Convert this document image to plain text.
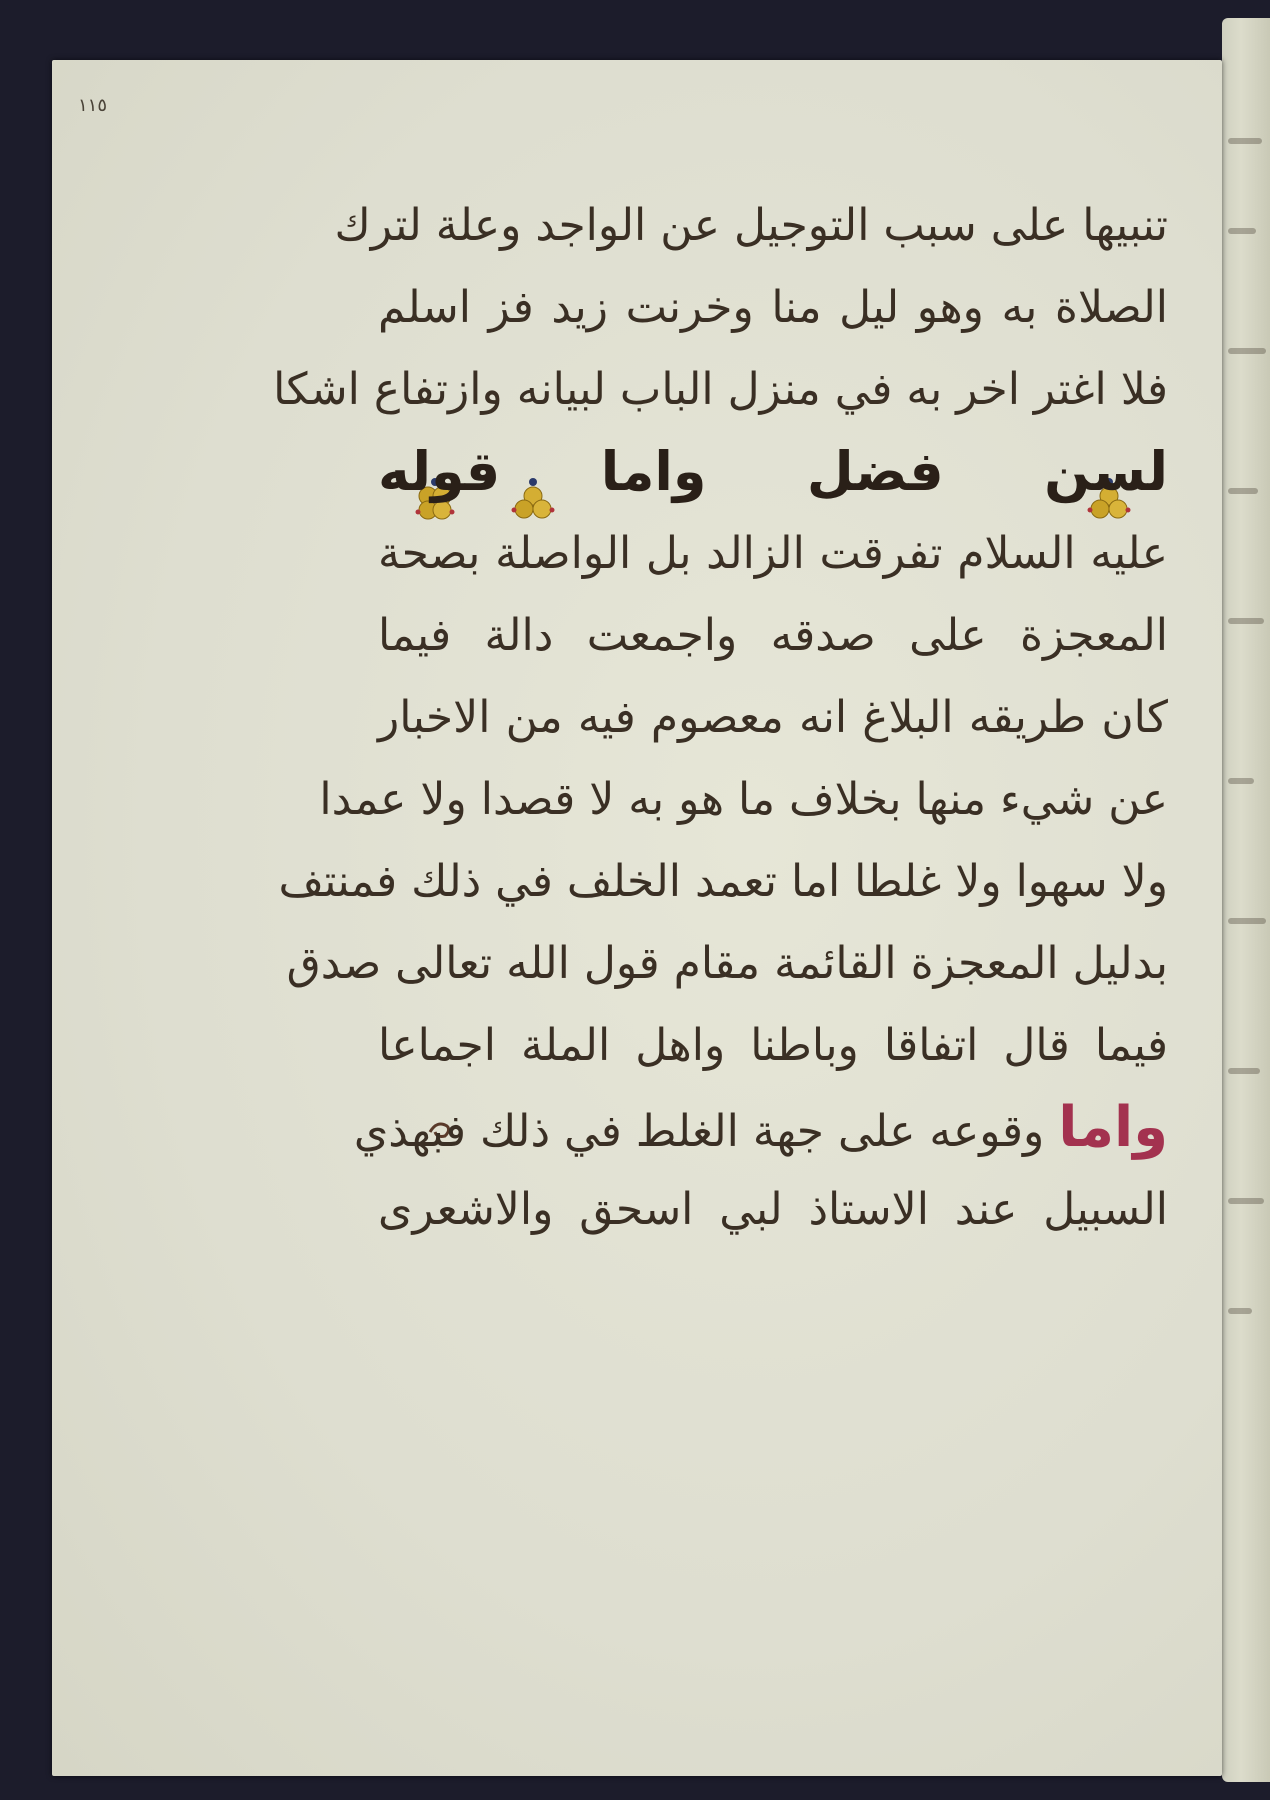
١١٥
تنبيها على سبب التوجيل عن الواجد وعلة لترك
الصلاة به وهو ليل منا وخرنت زيد فز اسلم
فلا اغتر اخر به في منزل الباب لبيانه وازتفاع اشكا
لسن فضل واما قوله
عليه السلام تفرقت الزالد بل الواصلة بصحة
المعجزة على صدقه واجمعت دالة فيما
كان طريقه البلاغ انه معصوم فيه من الاخبار
عن شيء منها بخلاف ما هو به لا قصدا ولا عمدا
ولا سهوا ولا غلطا اما تعمد الخلف في ذلك فمنتف
بدليل المعجزة القائمة مقام قول الله تعالى صدق
فيما قال اتفاقا وباطنا واهل الملة اجماعا
واما وقوعه على جهة الغلط في ذلك فبهذي
السبيل عند الاستاذ لبي اسحق والاشعرى
